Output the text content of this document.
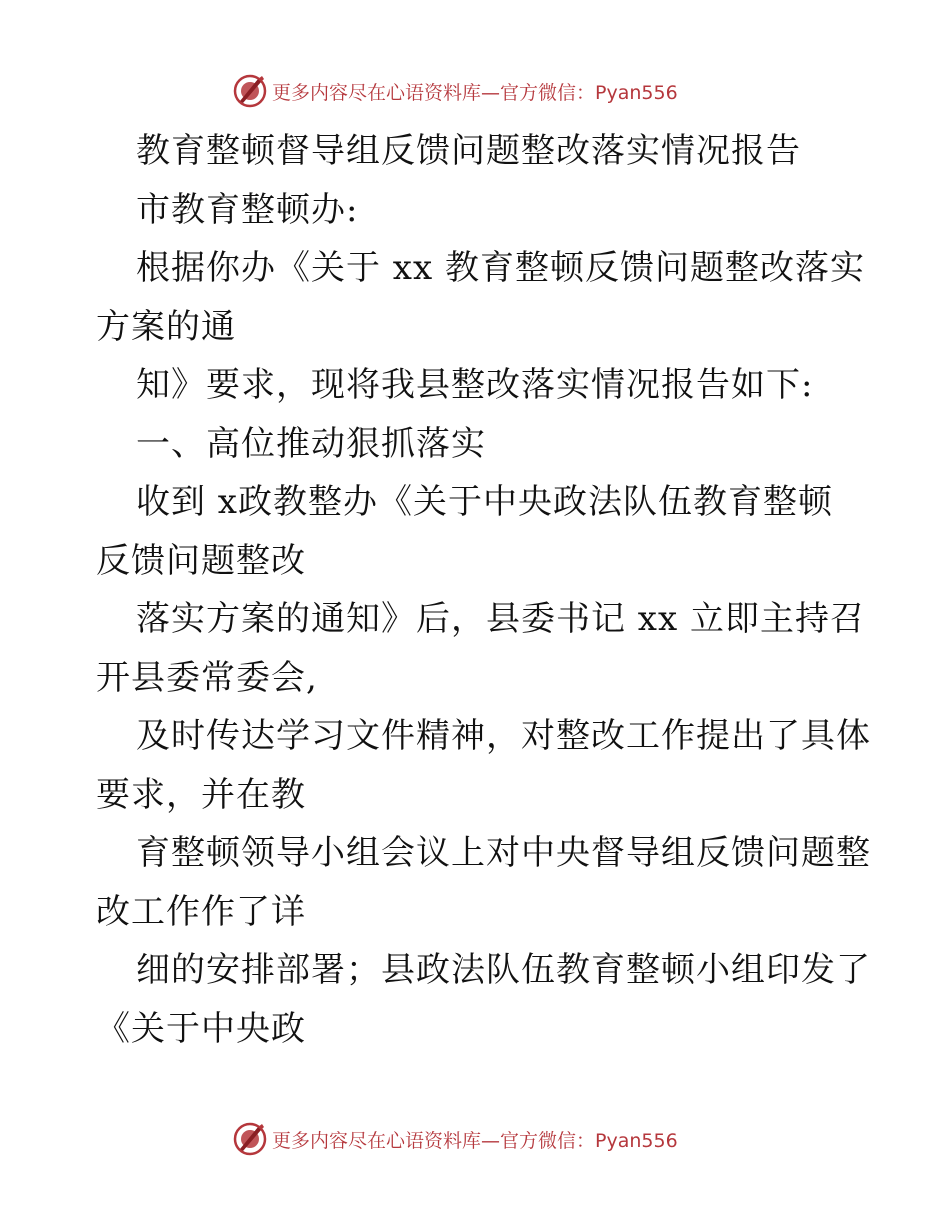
更多内容尽在心语资料库—官方微信：Pyan556
教育整顿督导组反馈问题整改落实情况报告
市教育整顿办:
根据你办《关于 xx 教育整顿反馈问题整改落实
方案的通
知》要求，现将我县整改落实情况报告如下:
一、高位推动狠抓落实
收到 x政教整办《关于中央政法队伍教育整顿
反馈问题整改
落实方案的通知》后，县委书记 xx 立即主持召
开县委常委会,
及时传达学习文件精神，对整改工作提出了具体
要求，并在教
育整顿领导小组会议上对中央督导组反馈问题整
改工作作了详
细的安排部署；县政法队伍教育整顿小组印发了
《关于中央政
更多内容尽在心语资料库—官方微信：Pyan556
